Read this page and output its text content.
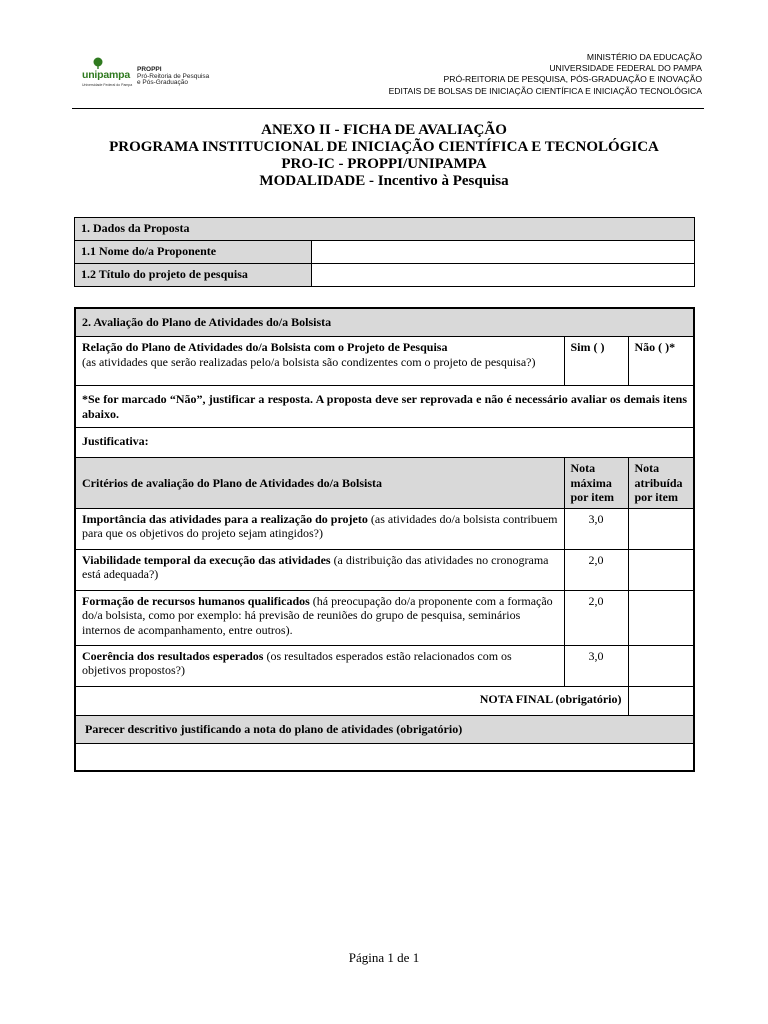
unipampa
Universidade Federal do Pampa
PROPPI
Pró-Reitoria de Pesquisa
e Pós-Graduação
MINISTÉRIO DA EDUCAÇÃO
UNIVERSIDADE FEDERAL DO PAMPA
PRÓ-REITORIA DE PESQUISA, PÓS-GRADUAÇÃO E INOVAÇÃO
EDITAIS DE BOLSAS DE INICIAÇÃO CIENTÍFICA E INICIAÇÃO TECNOLÓGICA
ANEXO II - FICHA DE AVALIAÇÃO
PROGRAMA INSTITUCIONAL DE INICIAÇÃO CIENTÍFICA E TECNOLÓGICA
PRO-IC - PROPPI/UNIPAMPA
MODALIDADE - Incentivo à Pesquisa
1. Dados da Proposta	
1.1 Nome do/a Proponente	
1.2 Título do projeto de pesquisa	
2. Avaliação do Plano de Atividades do/a Bolsista		

Relação do Plano de Atividades do/a Bolsista com o Projeto de Pesquisa
(as atividades que serão realizadas pelo/a bolsista são condizentes com o projeto de pesquisa?)	Sim ( )	Não ( )*
*Se for marcado “Não”, justificar a resposta. A proposta deve ser reprovada e não é necessário avaliar os demais itens abaixo.		
Justificativa:		
Critérios de avaliação do Plano de Atividades do/a Bolsista	Nota máxima por item	Nota atribuída por item
Importância das atividades para a realização do projeto (as atividades do/a bolsista contribuem para que os objetivos do projeto sejam atingidos?)	3,0	
Viabilidade temporal da execução das atividades (a distribuição das atividades no cronograma está adequada?)	2,0	
Formação de recursos humanos qualificados (há preocupação do/a proponente com a formação do/a bolsista, como por exemplo: há previsão de reuniões do grupo de pesquisa, seminários internos de acompanhamento, entre outros).	2,0	
Coerência dos resultados esperados (os resultados esperados estão relacionados com os objetivos propostos?)	3,0	
NOTA FINAL (obrigatório)		
Parecer descritivo justificando a nota do plano de atividades (obrigatório)		

Página 1 de 1
